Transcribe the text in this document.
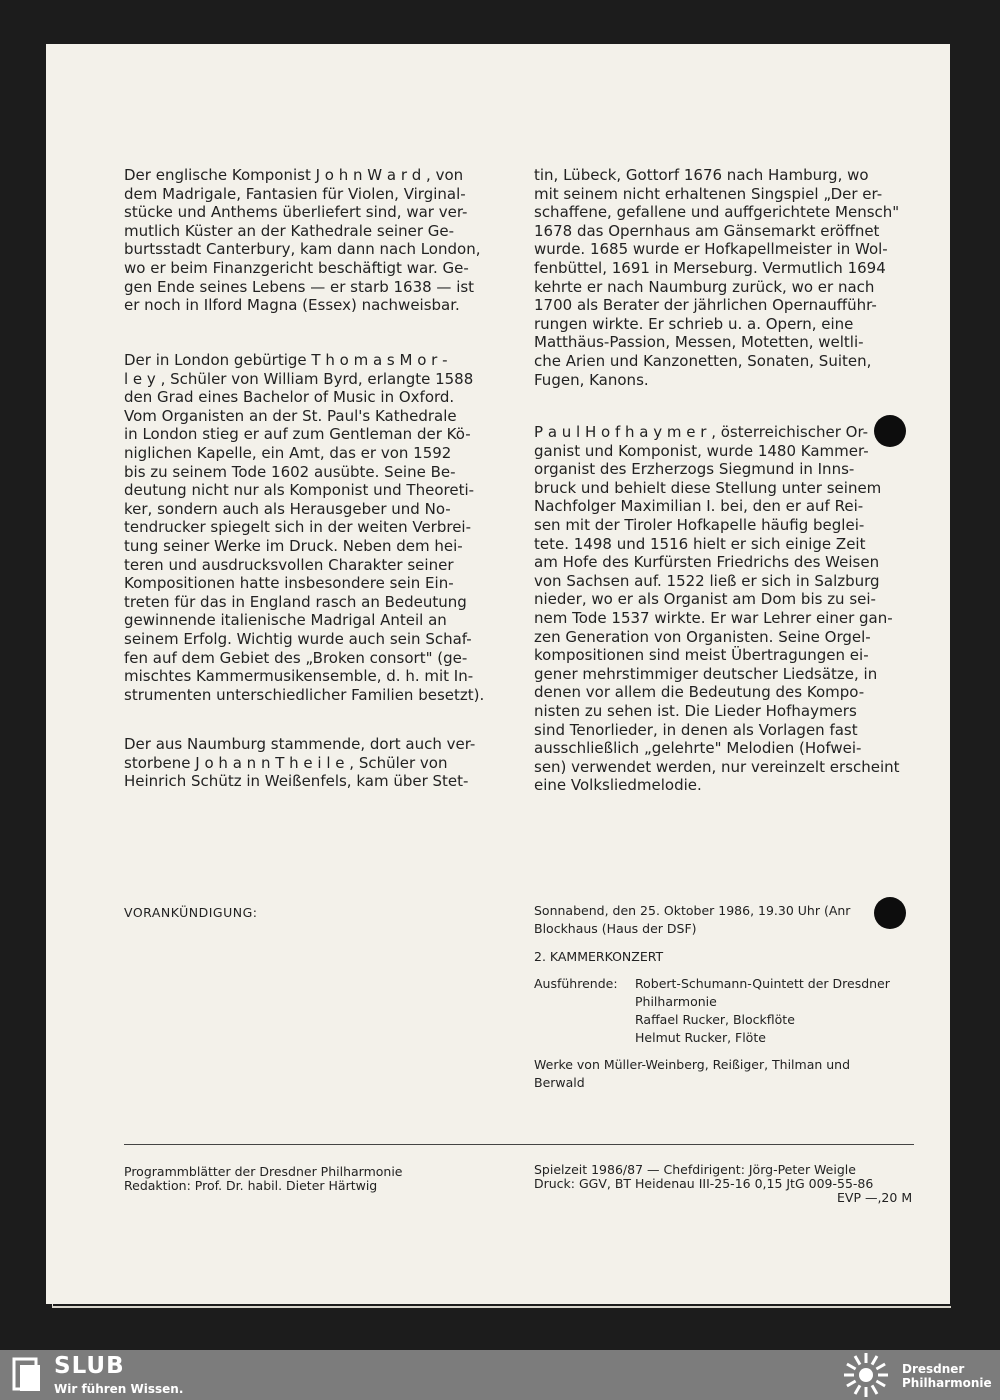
Der englische Komponist J o h n W a r d , von
dem Madrigale, Fantasien für Violen, Virginal-
stücke und Anthems überliefert sind, war ver-
mutlich Küster an der Kathedrale seiner Ge-
burtsstadt Canterbury, kam dann nach London,
wo er beim Finanzgericht beschäftigt war. Ge-
gen Ende seines Lebens — er starb 1638 — ist
er noch in Ilford Magna (Essex) nachweisbar.

Der in London gebürtige T h o m a s M o r -
l e y , Schüler von William Byrd, erlangte 1588
den Grad eines Bachelor of Music in Oxford.
Vom Organisten an der St. Paul's Kathedrale
in London stieg er auf zum Gentleman der Kö-
niglichen Kapelle, ein Amt, das er von 1592
bis zu seinem Tode 1602 ausübte. Seine Be-
deutung nicht nur als Komponist und Theoreti-
ker, sondern auch als Herausgeber und No-
tendrucker spiegelt sich in der weiten Verbrei-
tung seiner Werke im Druck. Neben dem hei-
teren und ausdrucksvollen Charakter seiner
Kompositionen hatte insbesondere sein Ein-
treten für das in England rasch an Bedeutung
gewinnende italienische Madrigal Anteil an
seinem Erfolg. Wichtig wurde auch sein Schaf-
fen auf dem Gebiet des „Broken consort" (ge-
mischtes Kammermusikensemble, d. h. mit In-
strumenten unterschiedlicher Familien besetzt).

Der aus Naumburg stammende, dort auch ver-
storbene J o h a n n T h e i l e , Schüler von
Heinrich Schütz in Weißenfels, kam über Stet-

tin, Lübeck, Gottorf 1676 nach Hamburg, wo
mit seinem nicht erhaltenen Singspiel „Der er-
schaffene, gefallene und auffgerichtete Mensch"
1678 das Opernhaus am Gänsemarkt eröffnet
wurde. 1685 wurde er Hofkapellmeister in Wol-
fenbüttel, 1691 in Merseburg. Vermutlich 1694
kehrte er nach Naumburg zurück, wo er nach
1700 als Berater der jährlichen Opernaufführ-
rungen wirkte. Er schrieb u. a. Opern, eine
Matthäus-Passion, Messen, Motetten, weltli-
che Arien und Kanzonetten, Sonaten, Suiten,
Fugen, Kanons.

P a u l H o f h a y m e r , österreichischer Or-
ganist und Komponist, wurde 1480 Kammer-
organist des Erzherzogs Siegmund in Inns-
bruck und behielt diese Stellung unter seinem
Nachfolger Maximilian I. bei, den er auf Rei-
sen mit der Tiroler Hofkapelle häufig beglei-
tete. 1498 und 1516 hielt er sich einige Zeit
am Hofe des Kurfürsten Friedrichs des Weisen
von Sachsen auf. 1522 ließ er sich in Salzburg
nieder, wo er als Organist am Dom bis zu sei-
nem Tode 1537 wirkte. Er war Lehrer einer gan-
zen Generation von Organisten. Seine Orgel-
kompositionen sind meist Übertragungen ei-
gener mehrstimmiger deutscher Liedsätze, in
denen vor allem die Bedeutung des Kompo-
nisten zu sehen ist. Die Lieder Hofhaymers
sind Tenorlieder, in denen als Vorlagen fast
ausschließlich „gelehrte" Melodien (Hofwei-
sen) verwendet werden, nur vereinzelt erscheint
eine Volksliedmelodie.

VORANKÜNDIGUNG:	Sonnabend, den 25. Oktober 1986, 19.30 Uhr (Anr

Blockhaus (Haus der DSF)

2. KAMMERKONZERT

Ausführende: Robert-Schumann-Quintett der Dresdner
Philharmonie
Raffael Rucker, Blockflöte
Helmut Rucker, Flöte

Werke von Müller-Weinberg, Reißiger, Thilman und
Berwald

Programmblätter der Dresdner Philharmonie

Redaktion: Prof. Dr. habil. Dieter Härtwig

Spielzeit 1986/87 — Chefdirigent: Jörg-Peter Weigle

Druck: GGV, BT Heidenau III-25-16 0,15 JtG 009-55-86

EVP —,20 M

SLUB
Wir führen Wissen.
Dresdner
Philharmonie
